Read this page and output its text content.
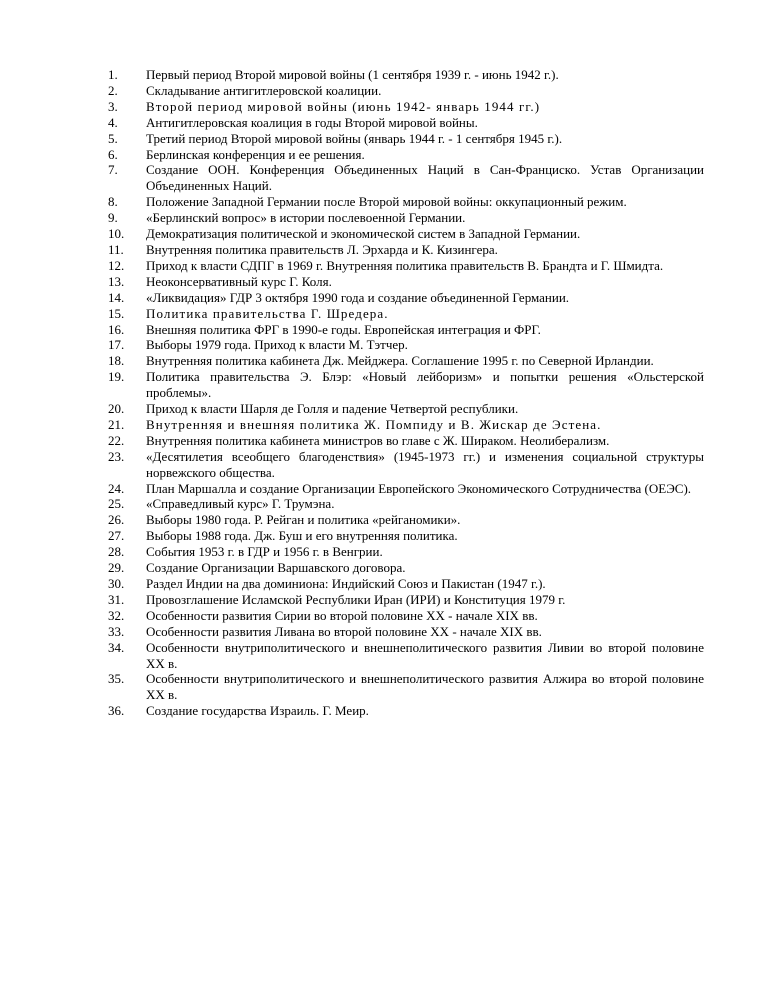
1.	Первый период Второй мировой войны (1 сентября 1939 г. - июнь 1942 г.).
2.	Складывание антигитлеровской коалиции.
3.	Второй период мировой войны (июнь 1942- январь 1944 гг.)
4.	Антигитлеровская коалиция в годы Второй мировой войны.
5.	Третий период Второй мировой войны (январь 1944 г. - 1 сентября 1945 г.).
6.	Берлинская конференция и ее решения.
7.	Создание ООН. Конференция Объединенных Наций в Сан-Франциско. Устав Организации Объединенных Наций.
8.	Положение Западной Германии после Второй мировой войны: оккупационный режим.
9.	«Берлинский вопрос» в истории послевоенной Германии.
10.	Демократизация политической и экономической систем в Западной Германии.
11.	Внутренняя политика правительств Л. Эрхарда и К. Кизингера.
12.	Приход к власти СДПГ в 1969 г. Внутренняя политика правительств В. Брандта и Г. Шмидта.
13.	Неоконсервативный курс Г. Коля.
14.	«Ликвидация» ГДР 3 октября 1990 года и создание объединенной Германии.
15.	Политика правительства Г. Шредера.
16.	Внешняя политика ФРГ в 1990-е годы. Европейская интеграция и ФРГ.
17.	Выборы 1979 года. Приход к власти М. Тэтчер.
18.	Внутренняя политика кабинета Дж. Мейджера. Соглашение 1995 г. по Северной Ирландии.
19.	Политика правительства Э. Блэр: «Новый лейборизм» и попытки решения «Ольстерской проблемы».
20.	Приход к власти Шарля де Голля и падение Четвертой республики.
21.	Внутренняя и внешняя политика Ж. Помпиду и В. Жискар де Эстена.
22.	Внутренняя политика кабинета министров во главе с Ж. Шираком. Неолиберализм.
23.	«Десятилетия всеобщего благоденствия» (1945-1973 гг.) и изменения социальной структуры норвежского общества.
24.	План Маршалла и создание Организации Европейского Экономического Сотрудничества (ОЕЭС).
25.	«Справедливый курс» Г. Трумэна.
26.	Выборы 1980 года. Р. Рейган и политика «рейганомики».
27.	Выборы 1988 года. Дж. Буш и его внутренняя политика.
28.	События 1953 г. в ГДР и 1956 г. в Венгрии.
29.	Создание Организации Варшавского договора.
30.	Раздел Индии на два доминиона: Индийский Союз и Пакистан (1947 г.).
31.	Провозглашение Исламской Республики Иран (ИРИ) и Конституция 1979 г.
32.	Особенности развития Сирии во второй половине XX - начале XIX вв.
33.	Особенности развития Ливана во второй половине XX - начале XIX вв.
34.	Особенности внутриполитического и внешнеполитического развития Ливии во второй половине XX в.
35.	Особенности внутриполитического и внешнеполитического развития Алжира во второй половине XX в.
36.	Создание государства Израиль. Г. Меир.
